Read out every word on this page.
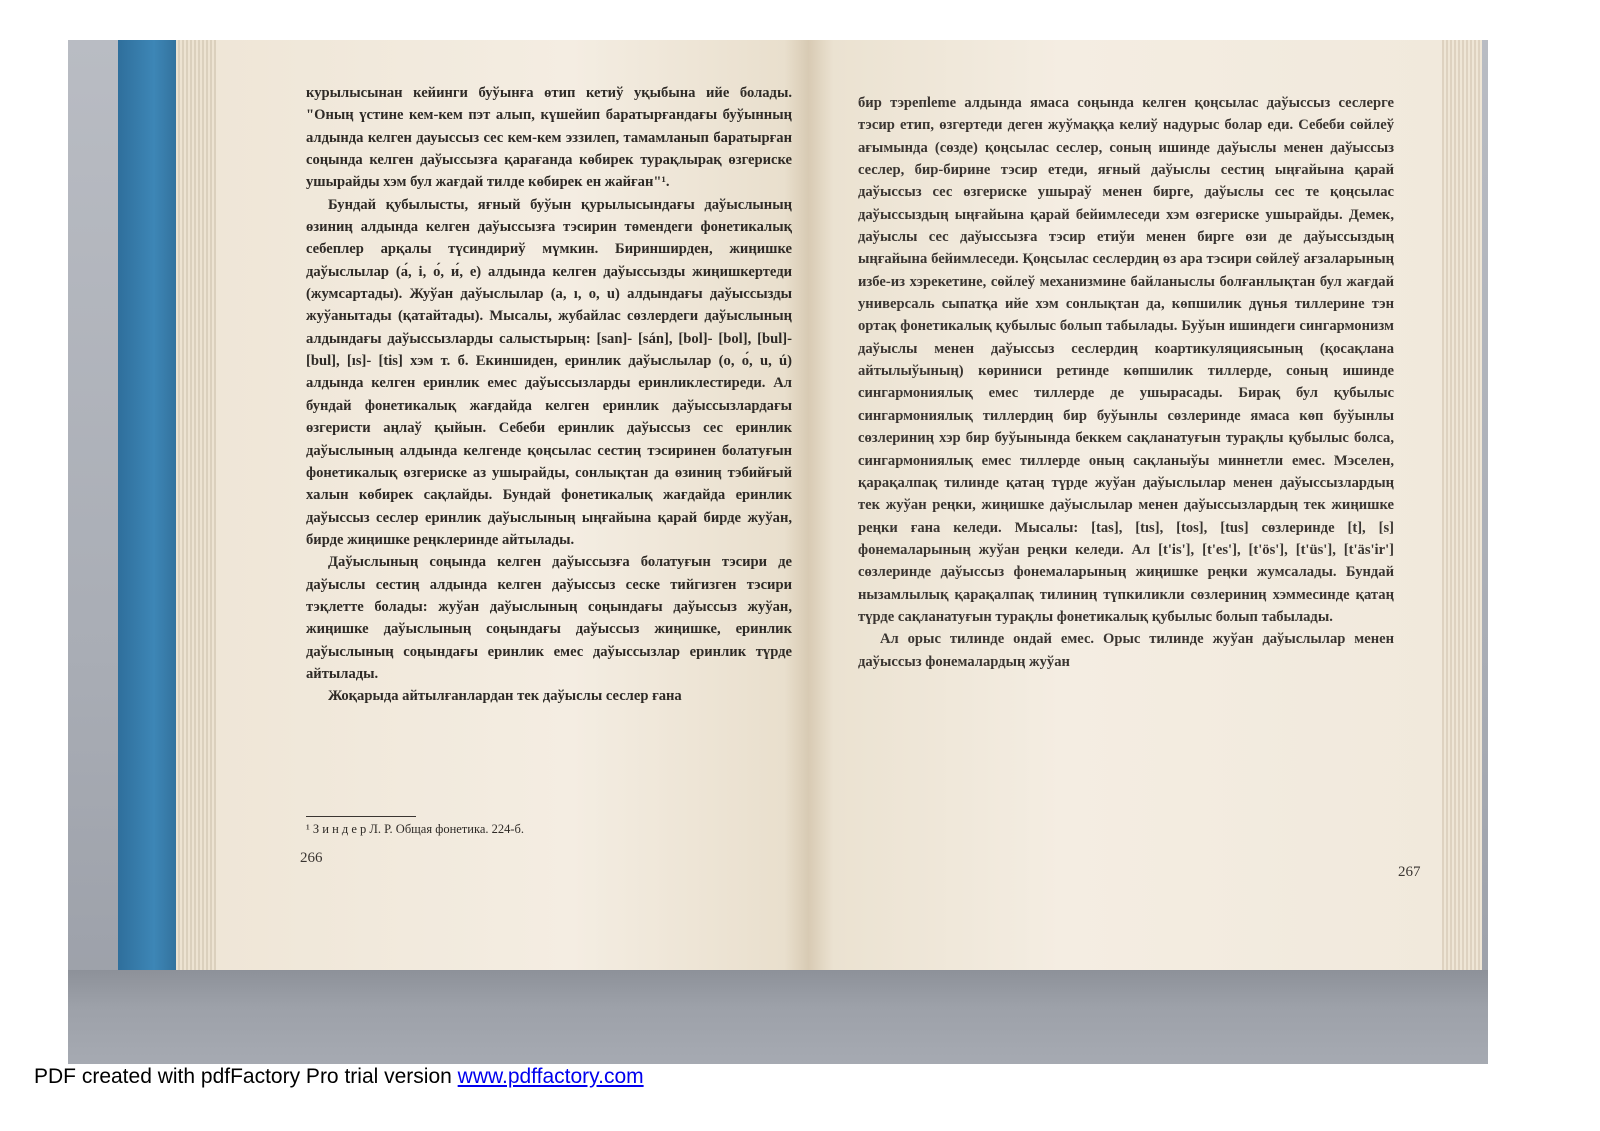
курылысынан кейинги буўынға өтип кетиў уқыбына ийе болады. "Оның үстине кем-кем пэт алып, күшейип баратырғандағы буўынның алдында келген дауыссыз сес кем-кем эззилеп, тамамланып баратырған соңында келген даўыссызға қарағанда көбирек турақлырақ өзгериске ушырайды хэм бул жағдай тилде көбирек ен жайған"¹.

Бундай қубылысты, яғный буўын қурылысындағы даўыслының өзиниң алдында келген даўыссызға тэсирин төмендеги фонетикалық себеплер арқалы түсиндириў мүмкин. Биринширден, жиңишке даўыслылар (а́, і, о́, и́, е) алдында келген даўыссызды жиңишкертеди (жумсартады). Жуўан даўыслылар (а, ı, о, u) алдындағы даўыссызды жуўанытады (қатайтады). Мысалы, жубайлас сөзлердеги даўыслының алдындағы даўыссызларды салыстырың: [san]- [sán], [bol]- [bol], [bul]- [bul], [ıs]- [tis] хэм т. б. Екиншиден, еринлик даўыслылар (о, о́, u, ú) алдында келген еринлик емес даўыссызларды еринликлестиреди. Ал бундай фонетикалық жағдайда келген еринлик даўыссызлардағы өзгеристи аңлаў қыйын. Себеби еринлик даўыссыз сес еринлик даўыслының алдында келгенде қоңсылас сестиң тэсиринен болатуғын фонетикалық өзгериске аз ушырайды, сонлықтан да өзиниң тэбийғый халын көбирек сақлайды. Бундай фонетикалық жағдайда еринлик даўыссыз сеслер еринлик даўыслының ыңғайына қарай бирде жуўан, бирде жиңишке реңклеринде айтылады.

Даўыслының соңында келген даўыссызға болатуғын тэсири де даўыслы сестиң алдында келген даўыссыз сеске тийгизген тэсири тэқлетте болады: жуўан даўыслының соңындағы даўыссыз жуўан, жиңишке даўыслының соңындағы даўыссыз жиңишке, еринлик даўыслының соңындағы еринлик емес даўыссызлар еринлик түрде айтылады.

Жоқарыда айтылғанлардан тек даўыслы сеслер ғана

¹ З и н д е р Л. Р. Общая фонетика. 224-б.
266

бир тэрепleme алдында ямаса соңында келген қоңсылас даўыссыз сеслерге тэсир етип, өзгертеди деген жуўмаққа келиў надурыс болар еди. Себеби сөйлеў ағымында (сөзде) қоңсылас сеслер, соның ишинде даўыслы менен даўыссыз сеслер, бир-бирине тэсир етеди, яғный даўыслы сестиң ыңғайына қарай даўыссыз сес өзгериске ушыраў менен бирге, даўыслы сес те қоңсылас даўыссыздың ыңғайына қарай бейимлеседи хэм өзгериске ушырайды. Демек, даўыслы сес даўыссызға тэсир етиўи менен бирге өзи де даўыссыздың ыңғайына бейимлеседи. Қоңсылас сеслердиң өз ара тэсири сөйлеў ағзаларының избе-из хэрекетине, сөйлеў механизмине байланыслы болғанлықтан бул жағдай универсаль сыпатқа ийе хэм сонлықтан да, көпшилик дүнья тиллерине тэн ортақ фонетикалық қубылыс болып табылады. Буўын ишиндеги сингармонизм даўыслы менен даўыссыз сеслердиң коартикуляциясының (қосақлана айтылыўының) көриниси ретинде көпшилик тиллерде, соның ишинде сингармониялық емес тиллерде де ушырасады. Бирақ бул қубылыс сингармониялық тиллердиң бир буўынлы сөзлеринде ямаса көп буўынлы сөзлериниң хэр бир буўынында беккем сақланатуғын турақлы қубылыс болса, сингармониялық емес тиллерде оның сақланыўы миннетли емес. Мэселен, қарақалпақ тилинде қатаң түрде жуўан даўыслылар менен даўыссызлардың тек жуўан реңки, жиңишке даўыслылар менен даўыссызлардың тек жиңишке реңки ғана келеди. Мысалы: [tas], [tıs], [tos], [tus] сөзлеринде [t], [s] фонемаларының жуўан реңки келеди. Ал [t'is'], [t'es'], [t'ös'], [t'üs'], [t'äs'ir'] сөзлеринде даўыссыз фонемаларының жиңишке реңки жумсалады. Бундай нызамлылық қарақалпақ тилиниң түпкиликли сөзлериниң хэммесинде қатаң түрде сақланатуғын турақлы фонетикалық қубылыс болып табылады.

Ал орыс тилинде ондай емес. Орыс тилинде жуўан даўыслылар менен даўыссыз фонемалардың жуўан

267
PDF created with pdfFactory Pro trial version www.pdffactory.com
